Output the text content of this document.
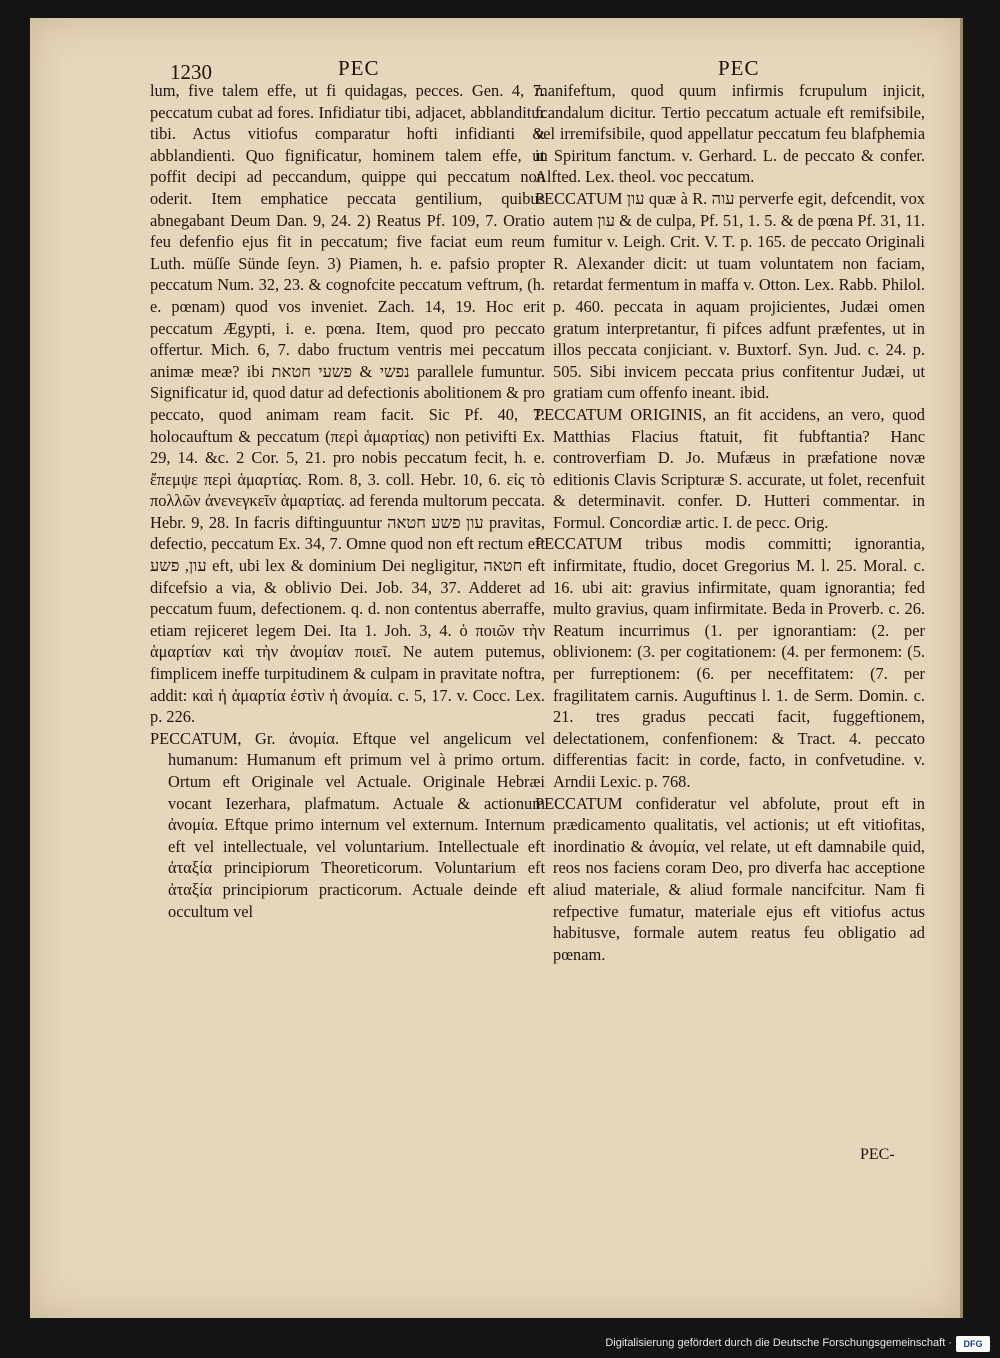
1230	PEC	PEC

lum, five talem effe, ut fi quidagas, pecces. Gen. 4, 7. peccatum cubat ad fores. Infidiatur tibi, adjacet, abblanditur tibi. Actus vitiofus comparatur hofti infidianti & abblandienti. Quo fignificatur, hominem talem effe, ut poffit decipi ad peccandum, quippe qui peccatum non oderit. Item emphatice peccata gentilium, quibus abnegabant Deum Dan. 9, 24. 2) Reatus Pf. 109, 7. Oratio feu defenfio ejus fit in peccatum; five faciat eum reum Luth. müſſe Sünde ſeyn. 3) Piamen, h. e. pafsio propter peccatum Num. 32, 23. & cognofcite peccatum veftrum, (h. e. pœnam) quod vos inveniet. Zach. 14, 19. Hoc erit peccatum Ægypti, i. e. pœna. Item, quod pro peccato offertur. Mich. 6, 7. dabo fructum ventris mei peccatum animæ meæ? ibi נפשי & פשעי חטאת parallele fumuntur. Significatur id, quod datur ad defectionis abolitionem & pro peccato, quod animam ream facit. Sic Pf. 40, 7. holocauftum & peccatum (περὶ ἁμαρτίας) non petivifti Ex. 29, 14. &c. 2 Cor. 5, 21. pro nobis peccatum fecit, h. e. ἔπεμψε περὶ ἁμαρτίας. Rom. 8, 3. coll. Hebr. 10, 6. εἰς τὸ πολλῶν ἀνενεγκεῖν ἁμαρτίας. ad ferenda multorum peccata. Hebr. 9, 28. In facris diftinguuntur עון פשע חטאה pravitas, defectio, peccatum Ex. 34, 7. Omne quod non eft rectum eft עון, פשע eft, ubi lex & dominium Dei negligitur, חטאה eft difcefsio a via, & oblivio Dei. Job. 34, 37. Adderet ad peccatum fuum, defectionem. q. d. non contentus aberraffe, etiam rejiceret legem Dei. Ita 1. Joh. 3, 4. ὁ ποιῶν τὴν ἁμαρτίαν καὶ τὴν ἀνομίαν ποιεῖ. Ne autem putemus, fimplicem ineffe turpitudinem & culpam in pravitate noftra, addit: καὶ ἡ ἁμαρτία ἐστὶν ἡ ἀνομία. c. 5, 17. v. Cocc. Lex. p. 226.

PECCATUM, Gr. ἀνομία. Eftque vel angelicum vel humanum: Humanum eft primum vel à primo ortum. Ortum eft Originale vel Actuale. Originale Hebræi vocant Iezerhara, plafmatum. Actuale & actionum ἀνομία. Eftque primo internum vel externum. Internum eft vel intellectuale, vel voluntarium. Intellectuale eft ἀταξία principiorum Theoreticorum. Voluntarium eft ἀταξία principiorum practicorum. Actuale deinde eft occultum vel

manifeftum, quod quum infirmis fcrupulum injicit, fcandalum dicitur. Tertio peccatum actuale eft remifsibile, vel irremifsibile, quod appellatur peccatum feu blafphemia in Spiritum fanctum. v. Gerhard. L. de peccato & confer. Alfted. Lex. theol. voc peccatum.

PECCATUM עון quæ à R. עוה perverfe egit, defcendit, vox autem עון & de culpa, Pf. 51, 1. 5. & de pœna Pf. 31, 11. fumitur v. Leigh. Crit. V. T. p. 165. de peccato Originali R. Alexander dicit: ut tuam voluntatem non faciam, retardat fermentum in maffa v. Otton. Lex. Rabb. Philol. p. 460. peccata in aquam projicientes, Judæi omen gratum interpretantur, fi pifces adfunt præfentes, ut in illos peccata conjiciant. v. Buxtorf. Syn. Jud. c. 24. p. 505. Sibi invicem peccata prius confitentur Judæi, ut gratiam cum offenfo ineant. ibid.

PECCATUM ORIGINIS, an fit accidens, an vero, quod Matthias Flacius ftatuit, fit fubftantia? Hanc controverfiam D. Jo. Mufæus in præfatione novæ editionis Clavis Scripturæ S. accurate, ut folet, recenfuit & determinavit. confer. D. Hutteri commentar. in Formul. Concordiæ artic. I. de pecc. Orig.

PECCATUM tribus modis committi; ignorantia, infirmitate, ftudio, docet Gregorius M. l. 25. Moral. c. 16. ubi ait: gravius infirmitate, quam ignorantia; fed multo gravius, quam infirmitate. Beda in Proverb. c. 26. Reatum incurrimus (1. per ignorantiam: (2. per oblivionem: (3. per cogitationem: (4. per fermonem: (5. per furreptionem: (6. per neceffitatem: (7. per fragilitatem carnis. Auguftinus l. 1. de Serm. Domin. c. 21. tres gradus peccati facit, fuggeftionem, delectationem, confenfionem: & Tract. 4. peccato differentias facit: in corde, facto, in confvetudine. v. Arndii Lexic. p. 768.

PECCATUM confideratur vel abfolute, prout eft in prædicamento qualitatis, vel actionis; ut eft vitiofitas, inordinatio & ἀνομία, vel relate, ut eft damnabile quid, reos nos faciens coram Deo, pro diverfa hac acceptione aliud materiale, & aliud formale nancifcitur. Nam fi refpective fumatur, materiale ejus eft vitiofus actus habitusve, formale autem reatus feu obligatio ad pœnam.

PEC-
Digitalisierung gefördert durch die Deutsche Forschungsgemeinschaft ·	DFG
